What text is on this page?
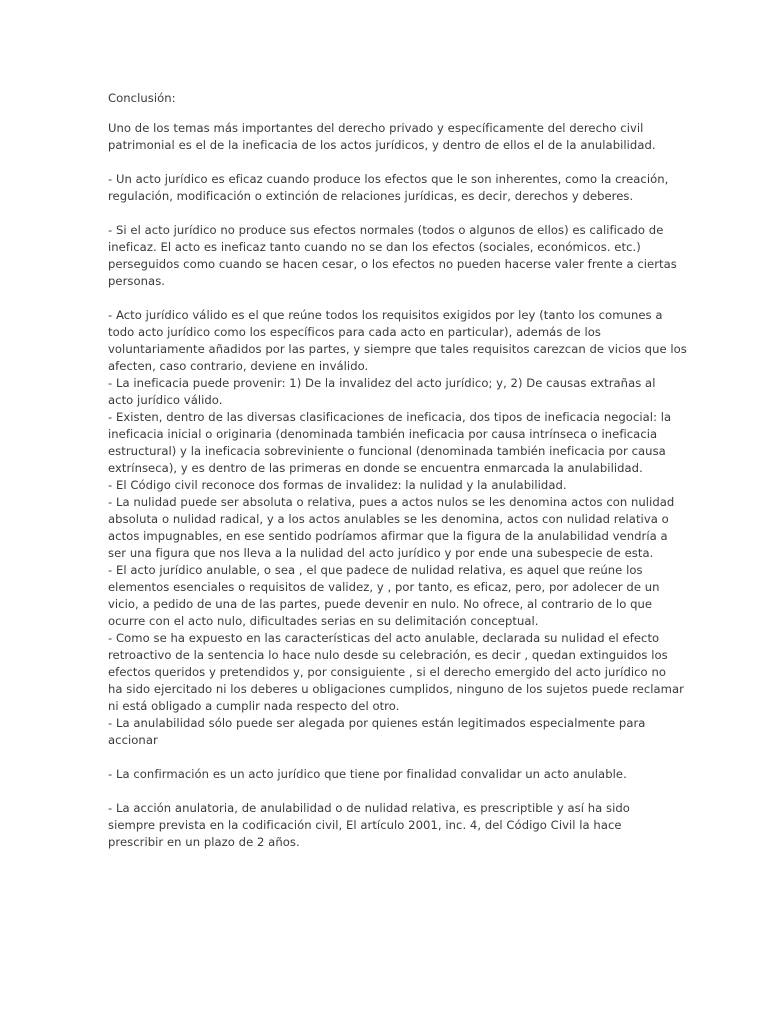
Conclusión:
Uno de los temas más importantes del derecho privado y específicamente del derecho civil
patrimonial es el de la ineficacia de los actos jurídicos, y dentro de ellos el de la anulabilidad.
- Un acto jurídico es eficaz cuando produce los efectos que le son inherentes, como la creación,
regulación, modificación o extinción de relaciones jurídicas, es decir, derechos y deberes.
- Si el acto jurídico no produce sus efectos normales (todos o algunos de ellos) es calificado de
ineficaz. El acto es ineficaz tanto cuando no se dan los efectos (sociales, económicos. etc.)
perseguidos como cuando se hacen cesar, o los efectos no pueden hacerse valer frente a ciertas
personas.
- Acto jurídico válido es el que reúne todos los requisitos exigidos por ley (tanto los comunes a
todo acto jurídico como los específicos para cada acto en particular), además de los
voluntariamente añadidos por las partes, y siempre que tales requisitos carezcan de vicios que los
afecten, caso contrario, deviene en inválido.
- La ineficacia puede provenir: 1) De la invalidez del acto jurídico; y, 2) De causas extrañas al
acto jurídico válido.
- Existen, dentro de las diversas clasificaciones de ineficacia, dos tipos de ineficacia negocial: la
ineficacia inicial o originaria (denominada también ineficacia por causa intrínseca o ineficacia
estructural) y la ineficacia sobreviniente o funcional (denominada también ineficacia por causa
extrínseca), y es dentro de las primeras en donde se encuentra enmarcada la anulabilidad.
- El Código civil reconoce dos formas de invalidez: la nulidad y la anulabilidad.
- La nulidad puede ser absoluta o relativa, pues a actos nulos se les denomina actos con nulidad
absoluta o nulidad radical, y a los actos anulables se les denomina, actos con nulidad relativa o
actos impugnables, en ese sentido podríamos afirmar que la figura de la anulabilidad vendría a
ser una figura que nos lleva a la nulidad del acto jurídico y por ende una subespecie de esta.
- El acto jurídico anulable, o sea , el que padece de nulidad relativa, es aquel que reúne los
elementos esenciales o requisitos de validez, y , por tanto, es eficaz, pero, por adolecer de un
vicio, a pedido de una de las partes, puede devenir en nulo. No ofrece, al contrario de lo que
ocurre con el acto nulo, dificultades serias en su delimitación conceptual.
- Como se ha expuesto en las características del acto anulable, declarada su nulidad el efecto
retroactivo de la sentencia lo hace nulo desde su celebración, es decir , quedan extinguidos los
efectos queridos y pretendidos y, por consiguiente , si el derecho emergido del acto jurídico no
ha sido ejercitado ni los deberes u obligaciones cumplidos, ninguno de los sujetos puede reclamar
ni está obligado a cumplir nada respecto del otro.
- La anulabilidad sólo puede ser alegada por quienes están legitimados especialmente para
accionar
- La confirmación es un acto jurídico que tiene por finalidad convalidar un acto anulable.
- La acción anulatoria, de anulabilidad o de nulidad relativa, es prescriptible y así ha sido
siempre prevista en la codificación civil, El artículo 2001, inc. 4, del Código Civil la hace
prescribir en un plazo de 2 años.
